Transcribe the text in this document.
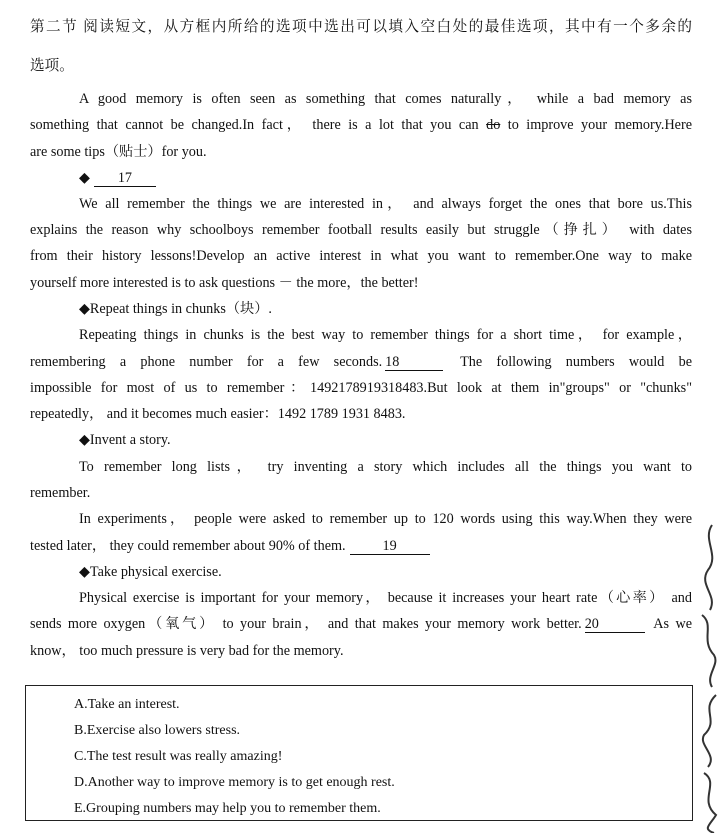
第二节 阅读短文，从方框内所给的选项中选出可以填入空白处的最佳选项，其中有一个多余的
选项。
A good memory is often seen as something that comes naturally， while a bad memory as
something that cannot be changed.In fact， there is a lot that you can do to improve your memory.Here
are some tips（贴士）for you.
◆ 17
We all remember the things we are interested in， and always forget the ones that bore us.This
explains the reason why schoolboys remember football results easily but struggle（挣扎） with dates
from their history lessons!Develop an active interest in what you want to remember.One way to make
yourself more interested is to ask questions － the more，the better!
◆Repeat things in chunks（块）.
Repeating things in chunks is the best way to remember things for a short time， for example，
remembering a phone number for a few seconds. 18	The following numbers would be
impossible for most of us to remember：1492178919318483.But look at them in"groups" or "chunks"
repeatedly， and it becomes much easier：1492 1789 1931 8483.
◆Invent a story.
To remember long lists， try inventing a story which includes all the things you want to
remember.
In experiments， people were asked to remember up to 120 words using this way.When they were
tested later， they could remember about 90% of them.	19
◆Take physical exercise.
Physical exercise is important for your memory， because it increases your heart rate（心率） and
sends more oxygen（氧气） to your brain， and that makes your memory work better. 20	As we
know， too much pressure is very bad for the memory.
A.Take an interest.
B.Exercise also lowers stress.
C.The test result was really amazing!
D.Another way to improve memory is to get enough rest.
E.Grouping numbers may help you to remember them.
